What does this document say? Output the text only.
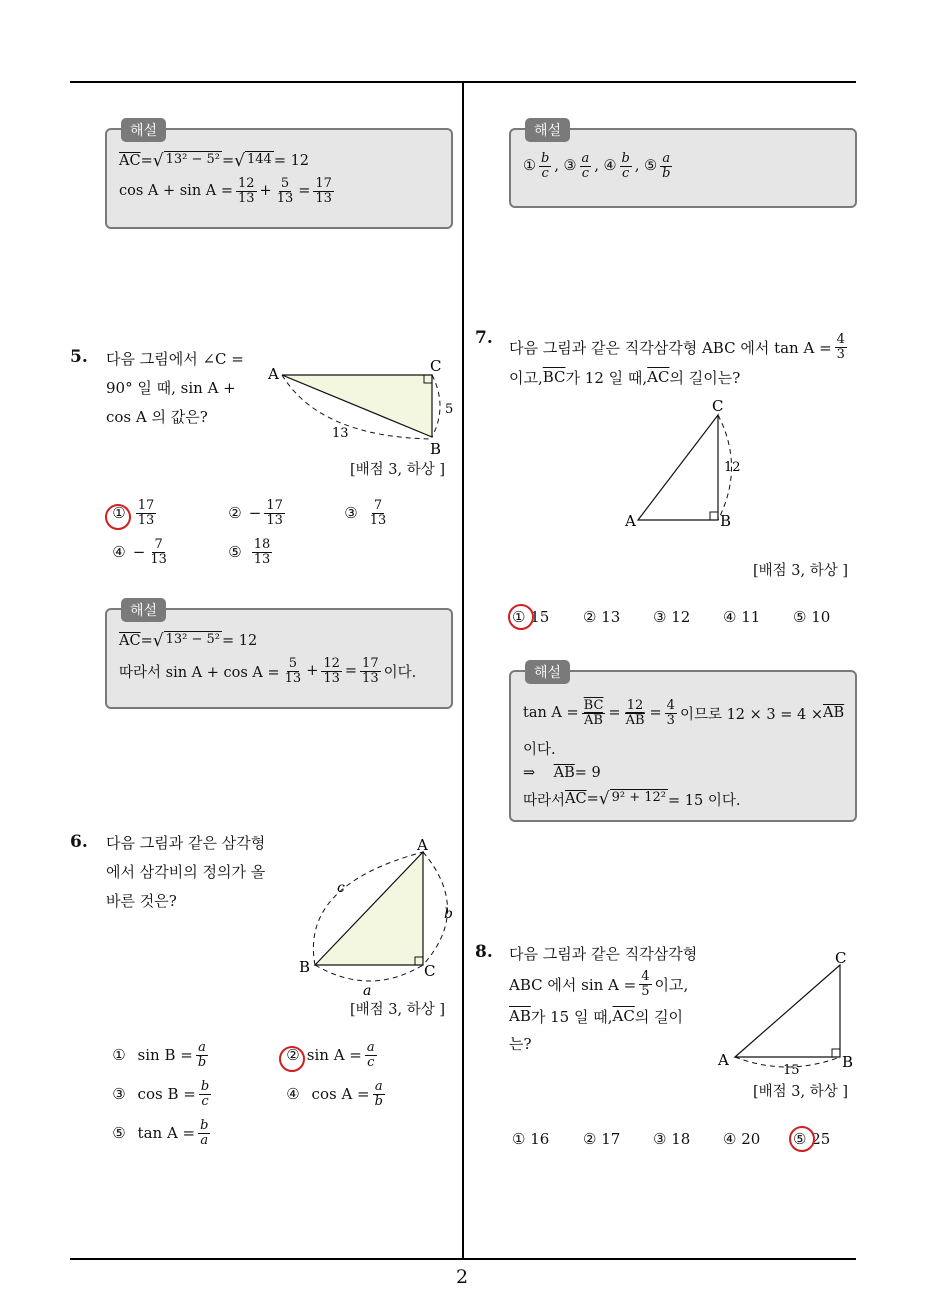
해설
$\overline{AC}$ = √ 13² − 5² = √ 144 = 12
$\cos A + \sin A = \frac{12}{13} + \frac{5}{13} = \frac{17}{13}$
5. 다음 그림에서 ∠C =
90° 일 때, sin A +
cos A 의 값은?
A	C
B
5
13
[배점 3, 하상 ]
①
$\frac{17}{13}$	②
− $\frac{17}{13}$	③
$\frac{7}{13}$
④
− $\frac{7}{13}$	⑤
$\frac{18}{13}$
해설
$\overline{AC}$ = √ 13² − 5² = 12
따라서 $\sin A + \cos A = \frac{5}{13} + \frac{12}{13} = \frac{17}{13}$ 이다.
6. 다음 그림과 같은 삼각형
에서 삼각비의 정의가 올
바른 것은?
A
B	C
c
b
a
[배점 3, 하상 ]
①
$\sin B = \frac{a}{b}$	②
$\sin A = \frac{a}{c}$
③
$\cos B = \frac{b}{c}$	④
$\cos A = \frac{a}{b}$
⑤
$\tan A = \frac{b}{a}$
해설
① $\frac{b}{c}$ ,
③ $\frac{a}{c}$ ,
④ $\frac{b}{c}$ ,
⑤ $\frac{a}{b}$
7. 다음 그림과 같은 직각삼각형 ABC 에서 $\tan A = \frac{4}{3}$
이고, $\overline{BC}$ 가 12 일 때, $\overline{AC}$ 의 길이는?
C
A	B
12
[배점 3, 하상 ]
① 15 ② 13 ③ 12 ④ 11 ⑤ 10
해설
$\tan A = \frac{\overline{BC}}{AB} = \frac{12}{AB} = \frac{4}{3}$ 이므로 $12 \times 3 = 4 \times \overline{AB}$
이다.
⇒
$\overline{AB} = 9$
따라서 $\overline{AC}$ = √ 9² + 12² = 15 이다.
8. 다음 그림과 같은 직각삼각형
ABC 에서 $\sin A = \frac{4}{5}$ 이고,
$\overline{AB}$ 가 15 일 때, $\overline{AC}$ 의 길이
는?
C
A	B
15
[배점 3, 하상 ]
① 16 ② 17 ③ 18 ④ 20 ⑤ 25
2
